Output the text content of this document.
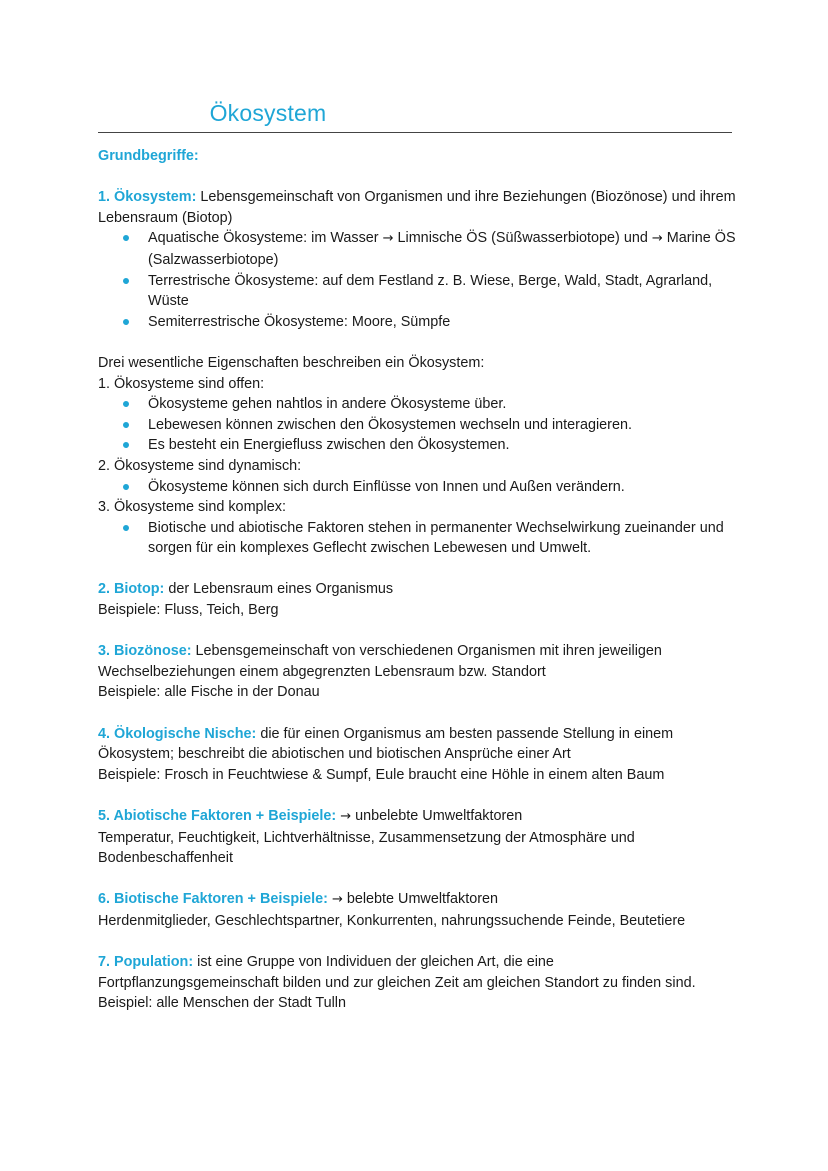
Ökosystem

Grundbegriffe:

1. Ökosystem: Lebensgemeinschaft von Organismen und ihre Beziehungen (Biozönose) und ihrem Lebensraum (Biotop)

Aquatische Ökosysteme: im Wasser → Limnische ÖS (Süßwasserbiotope) und → Marine ÖS (Salzwasserbiotope)
Terrestrische Ökosysteme: auf dem Festland z. B. Wiese, Berge, Wald, Stadt, Agrarland, Wüste
Semiterrestrische Ökosysteme: Moore, Sümpfe

Drei wesentliche Eigenschaften beschreiben ein Ökosystem:

1. Ökosysteme sind offen:

Ökosysteme gehen nahtlos in andere Ökosysteme über.
Lebewesen können zwischen den Ökosystemen wechseln und interagieren.
Es besteht ein Energiefluss zwischen den Ökosystemen.

2. Ökosysteme sind dynamisch:

Ökosysteme können sich durch Einflüsse von Innen und Außen verändern.

3. Ökosysteme sind komplex:

Biotische und abiotische Faktoren stehen in permanenter Wechselwirkung zueinander und sorgen für ein komplexes Geflecht zwischen Lebewesen und Umwelt.

2. Biotop: der Lebensraum eines Organismus

Beispiele: Fluss, Teich, Berg

3. Biozönose: Lebensgemeinschaft von verschiedenen Organismen mit ihren jeweiligen Wechselbeziehungen einem abgegrenzten Lebensraum bzw. Standort

Beispiele: alle Fische in der Donau

4. Ökologische Nische: die für einen Organismus am besten passende Stellung in einem Ökosystem; beschreibt die abiotischen und biotischen Ansprüche einer Art

Beispiele: Frosch in Feuchtwiese & Sumpf, Eule braucht eine Höhle in einem alten Baum

5. Abiotische Faktoren + Beispiele: → unbelebte Umweltfaktoren

Temperatur, Feuchtigkeit, Lichtverhältnisse, Zusammensetzung der Atmosphäre und Bodenbeschaffenheit

6. Biotische Faktoren + Beispiele: → belebte Umweltfaktoren

Herdenmitglieder, Geschlechtspartner, Konkurrenten, nahrungssuchende Feinde, Beutetiere

7. Population: ist eine Gruppe von Individuen der gleichen Art, die eine Fortpflanzungsgemeinschaft bilden und zur gleichen Zeit am gleichen Standort zu finden sind.

Beispiel: alle Menschen der Stadt Tulln
